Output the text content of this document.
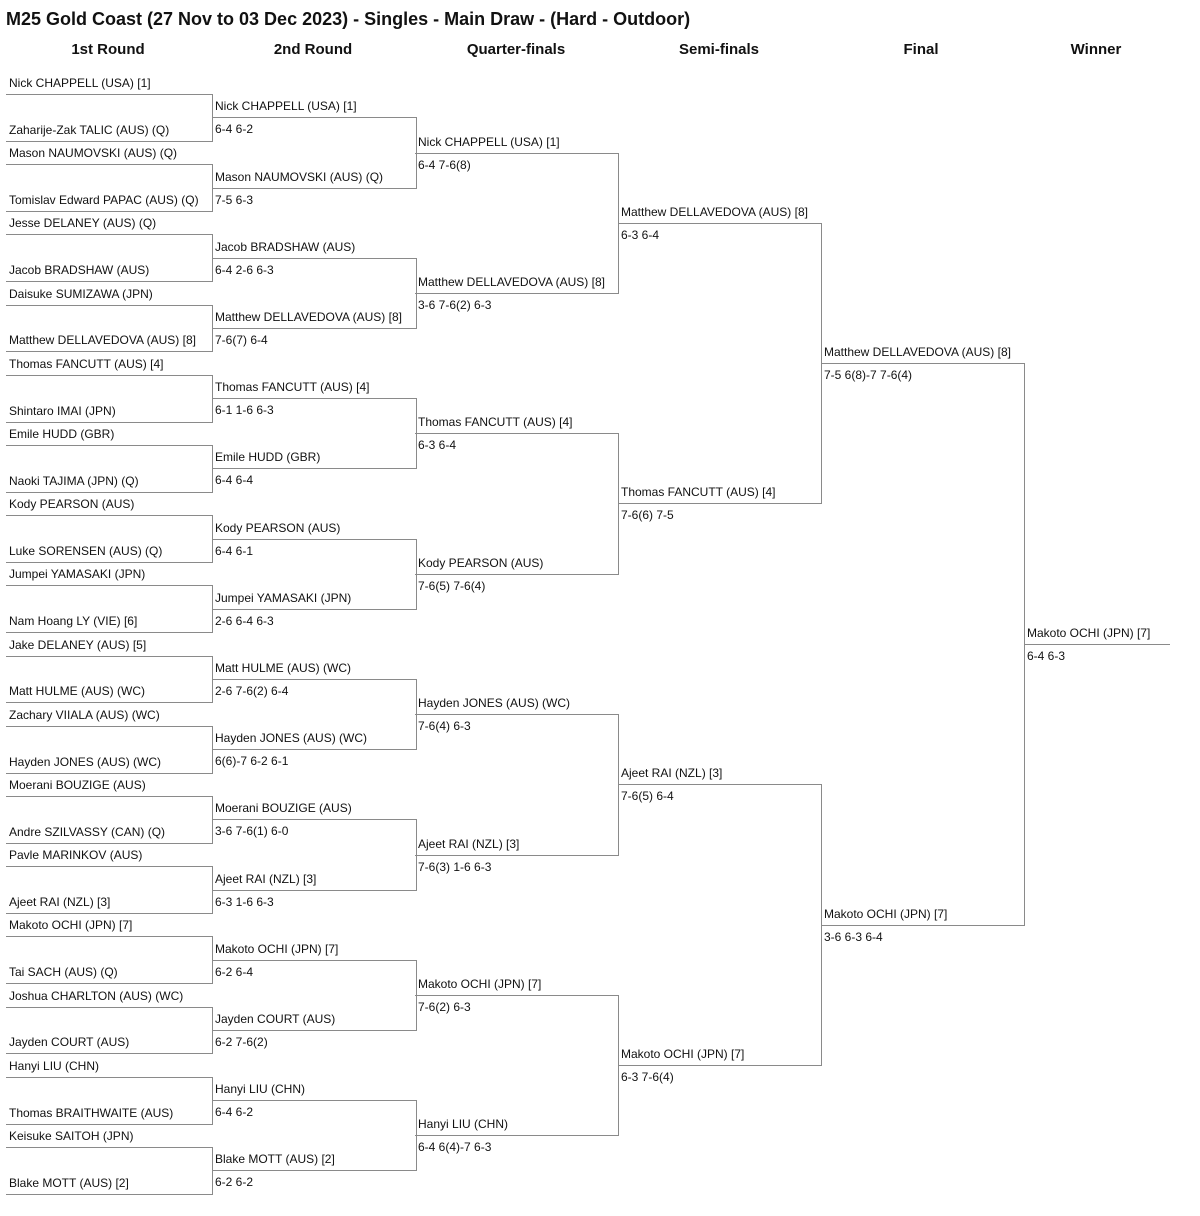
M25 Gold Coast (27 Nov to 03 Dec 2023) - Singles - Main Draw - (Hard - Outdoor)
1st Round	2nd Round	Quarter-finals	Semi-finals	Final	Winner
Nick CHAPPELL (USA) [1]
Zaharije-Zak TALIC (AUS) (Q)
Mason NAUMOVSKI (AUS) (Q)
Tomislav Edward PAPAC (AUS) (Q)
Jesse DELANEY (AUS) (Q)
Jacob BRADSHAW (AUS)
Daisuke SUMIZAWA (JPN)
Matthew DELLAVEDOVA (AUS) [8]
Thomas FANCUTT (AUS) [4]
Shintaro IMAI (JPN)
Emile HUDD (GBR)
Naoki TAJIMA (JPN) (Q)
Kody PEARSON (AUS)
Luke SORENSEN (AUS) (Q)
Jumpei YAMASAKI (JPN)
Nam Hoang LY (VIE) [6]
Jake DELANEY (AUS) [5]
Matt HULME (AUS) (WC)
Zachary VIIALA (AUS) (WC)
Hayden JONES (AUS) (WC)
Moerani BOUZIGE (AUS)
Andre SZILVASSY (CAN) (Q)
Pavle MARINKOV (AUS)
Ajeet RAI (NZL) [3]
Makoto OCHI (JPN) [7]
Tai SACH (AUS) (Q)
Joshua CHARLTON (AUS) (WC)
Jayden COURT (AUS)
Hanyi LIU (CHN)
Thomas BRAITHWAITE (AUS)
Keisuke SAITOH (JPN)
Blake MOTT (AUS) [2]
Nick CHAPPELL (USA) [1]
6-4 6-2
Mason NAUMOVSKI (AUS) (Q)
7-5 6-3
Jacob BRADSHAW (AUS)
6-4 2-6 6-3
Matthew DELLAVEDOVA (AUS) [8]
7-6(7) 6-4
Thomas FANCUTT (AUS) [4]
6-1 1-6 6-3
Emile HUDD (GBR)
6-4 6-4
Kody PEARSON (AUS)
6-4 6-1
Jumpei YAMASAKI (JPN)
2-6 6-4 6-3
Matt HULME (AUS) (WC)
2-6 7-6(2) 6-4
Hayden JONES (AUS) (WC)
6(6)-7 6-2 6-1
Moerani BOUZIGE (AUS)
3-6 7-6(1) 6-0
Ajeet RAI (NZL) [3]
6-3 1-6 6-3
Makoto OCHI (JPN) [7]
6-2 6-4
Jayden COURT (AUS)
6-2 7-6(2)
Hanyi LIU (CHN)
6-4 6-2
Blake MOTT (AUS) [2]
6-2 6-2
Nick CHAPPELL (USA) [1]
6-4 7-6(8)
Matthew DELLAVEDOVA (AUS) [8]
3-6 7-6(2) 6-3
Thomas FANCUTT (AUS) [4]
6-3 6-4
Kody PEARSON (AUS)
7-6(5) 7-6(4)
Hayden JONES (AUS) (WC)
7-6(4) 6-3
Ajeet RAI (NZL) [3]
7-6(3) 1-6 6-3
Makoto OCHI (JPN) [7]
7-6(2) 6-3
Hanyi LIU (CHN)
6-4 6(4)-7 6-3
Matthew DELLAVEDOVA (AUS) [8]
6-3 6-4
Thomas FANCUTT (AUS) [4]
7-6(6) 7-5
Ajeet RAI (NZL) [3]
7-6(5) 6-4
Makoto OCHI (JPN) [7]
6-3 7-6(4)
Matthew DELLAVEDOVA (AUS) [8]
7-5 6(8)-7 7-6(4)
Makoto OCHI (JPN) [7]
3-6 6-3 6-4
Makoto OCHI (JPN) [7]
6-4 6-3
